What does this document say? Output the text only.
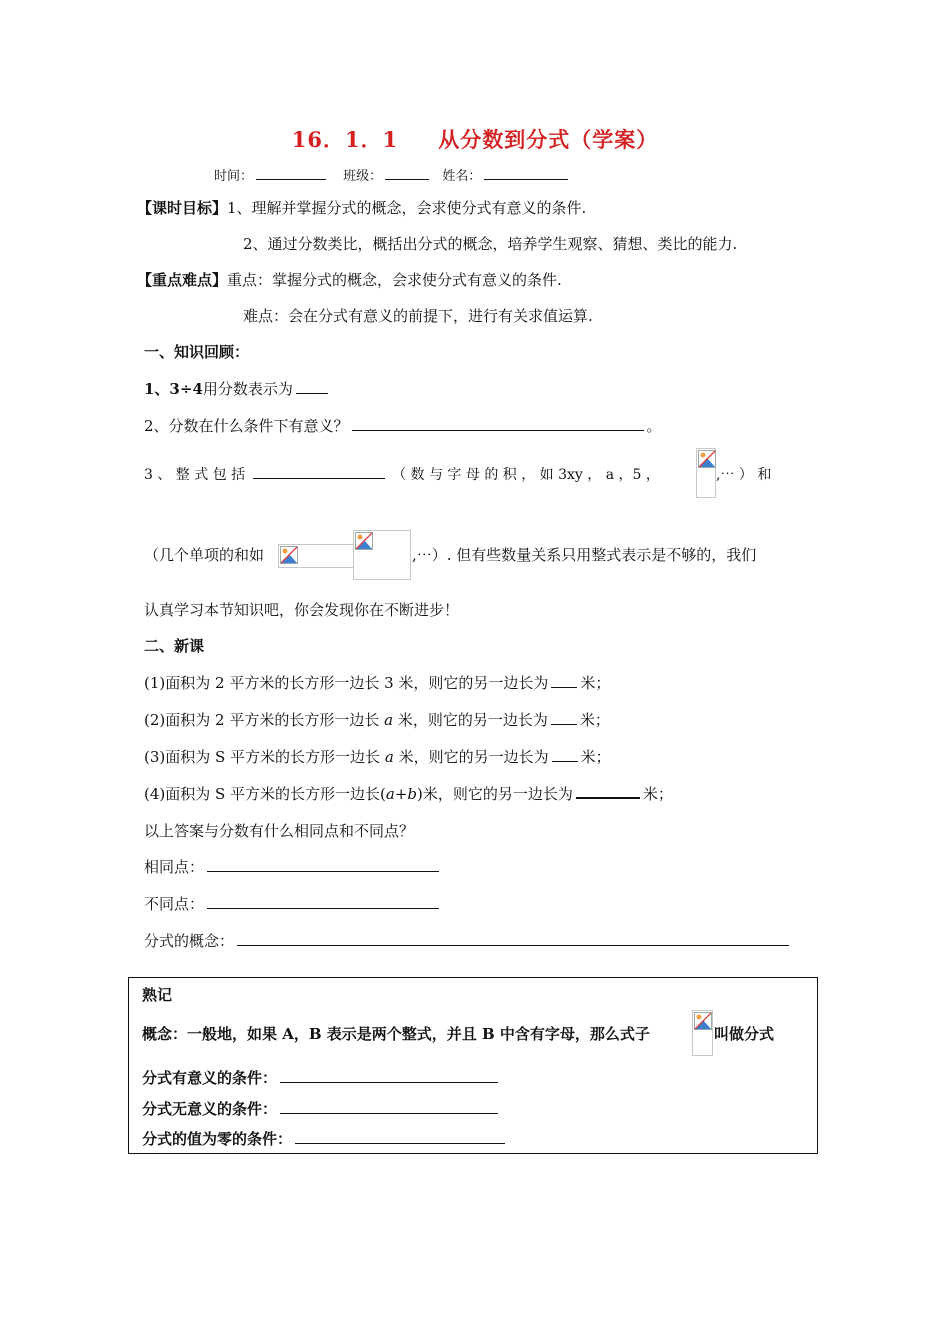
16．1．1 从分数到分式（学案）
时间：	班级：	姓名：
【课时目标】1、理解并掌握分式的概念，会求使分式有意义的条件.
2、通过分数类比，概括出分式的概念，培养学生观察、猜想、类比的能力.
【重点难点】重点：掌握分式的概念，会求使分式有意义的条件.
难点：会在分式有意义的前提下，进行有关求值运算.
一、知识回顾：
1、3÷4用分数表示为
2、分数在什么条件下有意义？	。
3 、 整 式 包 括	（ 数 与 字 母 的 积 ， 如 3xy ， a ，5 ，	,⋯ ） 和
（几个单项的和如	,⋯）. 但有些数量关系只用整式表示是不够的，我们
认真学习本节知识吧，你会发现你在不断进步！
二、新课
(1)面积为 2 平方米的长方形一边长 3 米，则它的另一边长为 米；
(2)面积为 2 平方米的长方形一边长 a 米，则它的另一边长为 米；
(3)面积为 S 平方米的长方形一边长 a 米，则它的另一边长为 米；
(4)面积为 S 平方米的长方形一边长(a+b)米，则它的另一边长为	米；
以上答案与分数有什么相同点和不同点？
相同点：
不同点：
分式的概念：
熟记
概念：一般地，如果 A，B 表示是两个整式，并且 B 中含有字母，那么式子	叫做分式
分式有意义的条件：
分式无意义的条件：
分式的值为零的条件：
